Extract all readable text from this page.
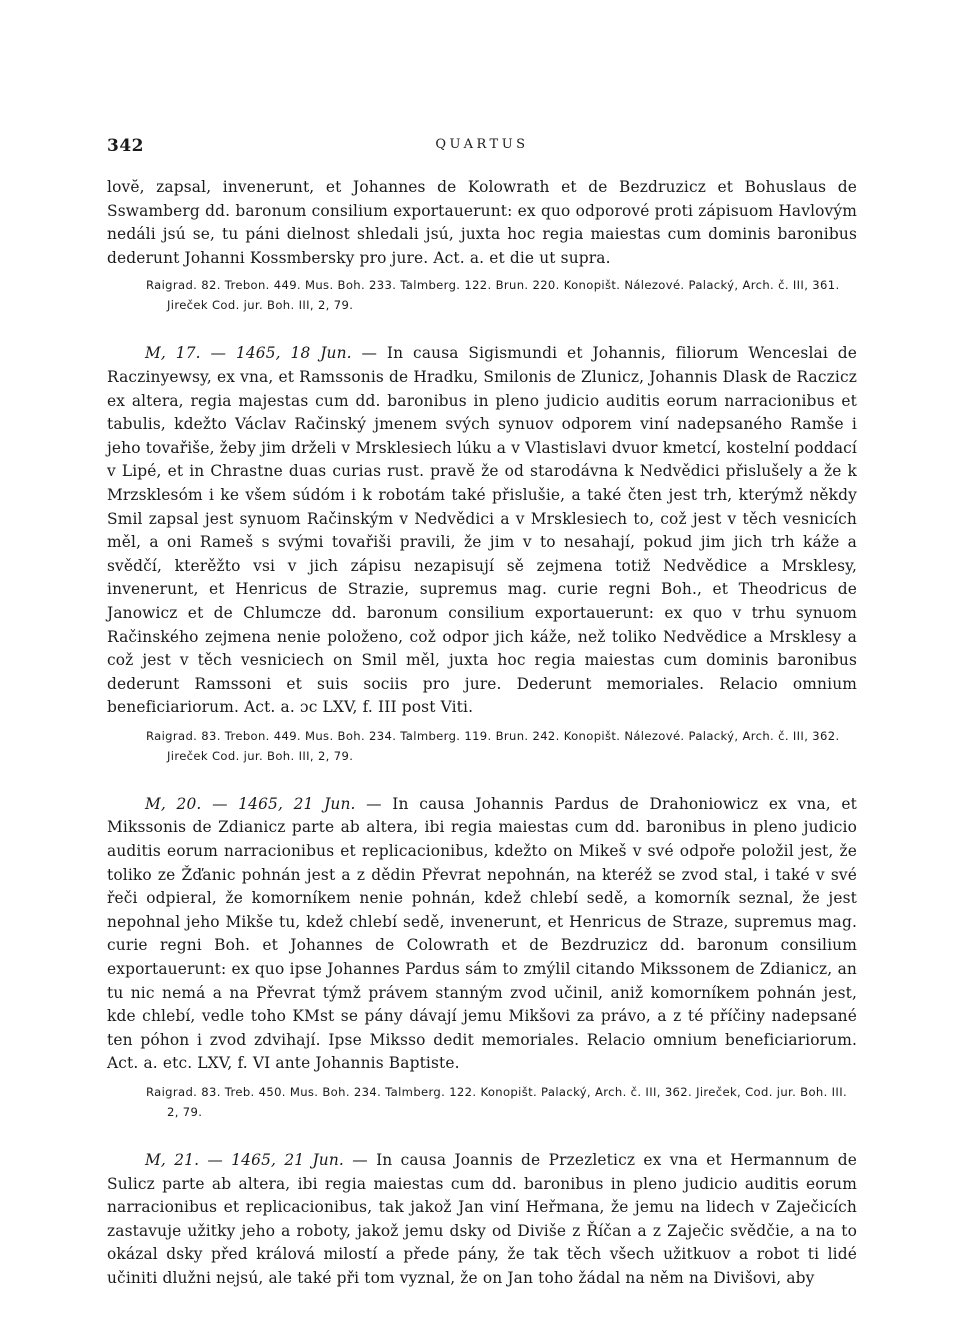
342	QUARTUS

lovĕ, zapsal, invenerunt, et Johannes de Kolowrath et de Bezdruzicz et Bohuslaus de Sswamberg dd. baronum consilium exportauerunt: ex quo odporové proti zápisuom Havlovým nedáli jsú se, tu páni dielnost shledali jsú, juxta hoc regia maiestas cum dominis baronibus dederunt Johanni Kossmbersky pro jure. Act. a. et die ut supra.

Raigrad. 82. Trebon. 449. Mus. Boh. 233. Talmberg. 122. Brun. 220. Konopišt. Nálezové. Palacký, Arch. č. III, 361. Jireček Cod. jur. Boh. III, 2, 79.

M, 17. — 1465, 18 Jun. — In causa Sigismundi et Johannis, filiorum Wenceslai de Raczinyewsy, ex vna, et Ramssonis de Hradku, Smilonis de Zlunicz, Johannis Dlask de Raczicz ex altera, regia majestas cum dd. baronibus in pleno judicio auditis eorum narracionibus et tabulis, kdežto Václav Račinský jmenem svých synuov odporem viní nadepsaného Ramše i jeho tovařiše, žeby jim drželi v Mrsklesiech lúku a v Vlastislavi dvuor kmetcí, kostelní poddací v Lipé, et in Chrastne duas curias rust. pravě že od starodávna k Nedvědici přislušely a že k Mrzsklesóm i ke všem súdóm i k robotám také přislušie, a také čten jest trh, kterýmž někdy Smil zapsal jest synuom Račinským v Nedvědici a v Mrsklesiech to, což jest v těch vesnicích měl, a oni Rameš s svými tovařiši pravili, že jim v to nesahají, pokud jim jich trh káže a svědčí, kterěžto vsi v jich zápisu nezapisují sě zejmena totiž Nedvědice a Mrsklesy, invenerunt, et Henricus de Strazie, supremus mag. curie regni Boh., et Theodricus de Janowicz et de Chlumcze dd. baronum consilium exportauerunt: ex quo v trhu synuom Račinského zejmena nenie položeno, což odpor jich káže, než toliko Nedvědice a Mrsklesy a což jest v těch vesniciech on Smil měl, juxta hoc regia maiestas cum dominis baronibus dederunt Ramssoni et suis sociis pro jure. Dederunt memoriales. Relacio omnium beneficiariorum. Act. a. ɔc LXV, f. III post Viti.

Raigrad. 83. Trebon. 449. Mus. Boh. 234. Talmberg. 119. Brun. 242. Konopišt. Nálezové. Palacký, Arch. č. III, 362. Jireček Cod. jur. Boh. III, 2, 79.

M, 20. — 1465, 21 Jun. — In causa Johannis Pardus de Drahoniowicz ex vna, et Mikssonis de Zdianicz parte ab altera, ibi regia maiestas cum dd. baronibus in pleno judicio auditis eorum narracionibus et replicacionibus, kdežto on Mikeš v své odpoře položil jest, že toliko ze Žďanic pohnán jest a z dědin Převrat nepohnán, na kteréž se zvod stal, i také v své řeči odpieral, že komorníkem nenie pohnán, kdež chlebí sedě, a komorník seznal, že jest nepohnal jeho Mikše tu, kdež chlebí sedě, invenerunt, et Henricus de Straze, supremus mag. curie regni Boh. et Johannes de Colowrath et de Bezdruzicz dd. baronum consilium exportauerunt: ex quo ipse Johannes Pardus sám to zmýlil citando Mikssonem de Zdianicz, an tu nic nemá a na Převrat týmž právem stanným zvod učinil, aniž komorníkem pohnán jest, kde chlebí, vedle toho KMst se pány dávají jemu Mikšovi za právo, a z té příčiny nadepsané ten póhon i zvod zdvihají. Ipse Miksso dedit memoriales. Relacio omnium beneficiariorum. Act. a. etc. LXV, f. VI ante Johannis Baptiste.

Raigrad. 83. Treb. 450. Mus. Boh. 234. Talmberg. 122. Konopišt. Palacký, Arch. č. III, 362. Jireček, Cod. jur. Boh. III. 2, 79.

M, 21. — 1465, 21 Jun. — In causa Joannis de Przezleticz ex vna et Hermannum de Sulicz parte ab altera, ibi regia maiestas cum dd. baronibus in pleno judicio auditis eorum narracionibus et replicacionibus, tak jakož Jan viní Heřmana, že jemu na lidech v Zaječicích zastavuje užitky jeho a roboty, jakož jemu dsky od Diviše z Říčan a z Zaječic svědčie, a na to okázal dsky před králová milostí a přede pány, že tak těch všech užitkuov a robot ti lidé učiniti dlužni nejsú, ale také při tom vyznal, že on Jan toho žádal na něm na Divišovi, aby
